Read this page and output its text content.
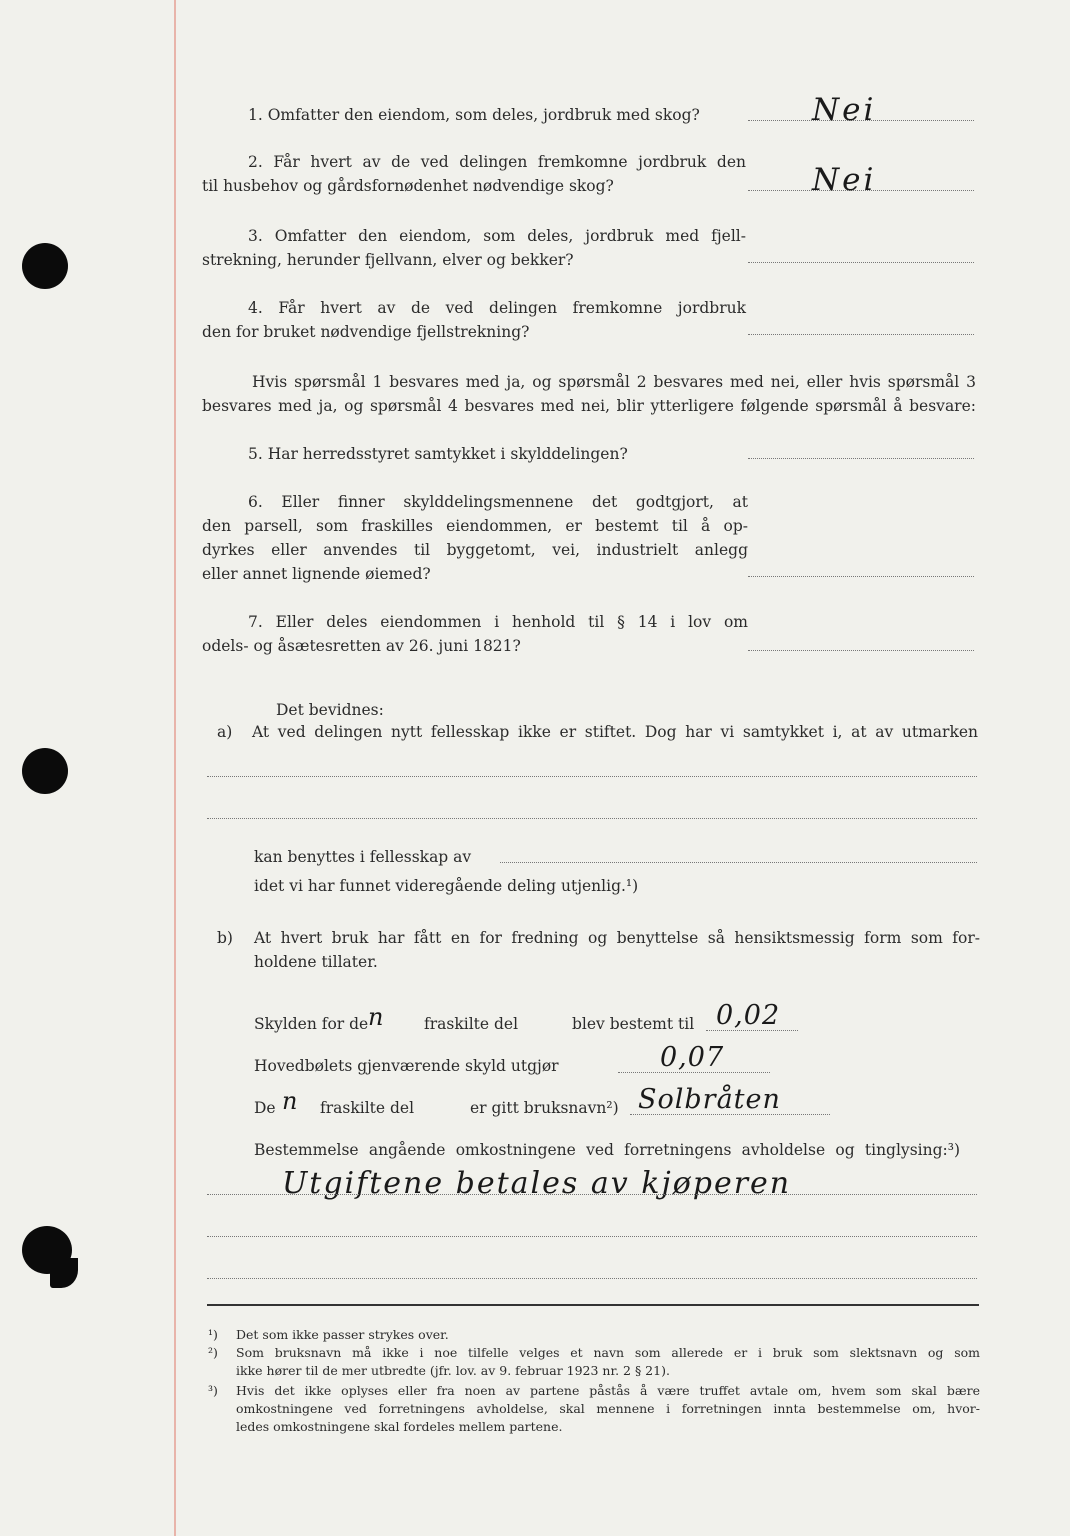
1. Omfatter den eiendom, som deles, jordbruk med skog?	Nei
2. Får hvert av de ved delingen fremkomne jordbruk den
til husbehov og gårdsfornødenhet nødvendige skog?	Nei
3. Omfatter den eiendom, som deles, jordbruk med fjell-
strekning, herunder fjellvann, elver og bekker?
4. Får hvert av de ved delingen fremkomne jordbruk
den for bruket nødvendige fjellstrekning?
Hvis spørsmål 1 besvares med ja, og spørsmål 2 besvares med nei, eller hvis spørsmål 3
besvares med ja, og spørsmål 4 besvares med nei, blir ytterligere følgende spørsmål å besvare:
5. Har herredsstyret samtykket i skylddelingen?
6. Eller finner skylddelingsmennene det godtgjort, at
den parsell, som fraskilles eiendommen, er bestemt til å op-
dyrkes eller anvendes til byggetomt, vei, industrielt anlegg
eller annet lignende øiemed?
7. Eller deles eiendommen i henhold til § 14 i lov om
odels- og åsætesretten av 26. juni 1821?
Det bevidnes:
a) At ved delingen nytt fellesskap ikke er stiftet. Dog har vi samtykket i, at av utmarken
kan benyttes i fellesskap av
idet vi har funnet videregående deling utjenlig.¹)
b) At hvert bruk har fått en for fredning og benyttelse så hensiktsmessig form som for-
holdene tillater.
Skylden for de n	fraskilte del	blev bestemt til 0,02
Hovedbølets gjenværende skyld utgjør	0,07
De n fraskilte del	er gitt bruksnavn²) Solbråten
Bestemmelse angående omkostningene ved forretningens avholdelse og tinglysing:³)
Utgiftene betales av kjøperen
¹) Det som ikke passer strykes over.
²) Som bruksnavn må ikke i noe tilfelle velges et navn som allerede er i bruk som slektsnavn og som
ikke hører til de mer utbredte (jfr. lov. av 9. februar 1923 nr. 2 § 21).
³) Hvis det ikke oplyses eller fra noen av partene påstås å være truffet avtale om, hvem som skal bære
omkostningene ved forretningens avholdelse, skal mennene i forretningen innta bestemmelse om, hvor-
ledes omkostningene skal fordeles mellem partene.
